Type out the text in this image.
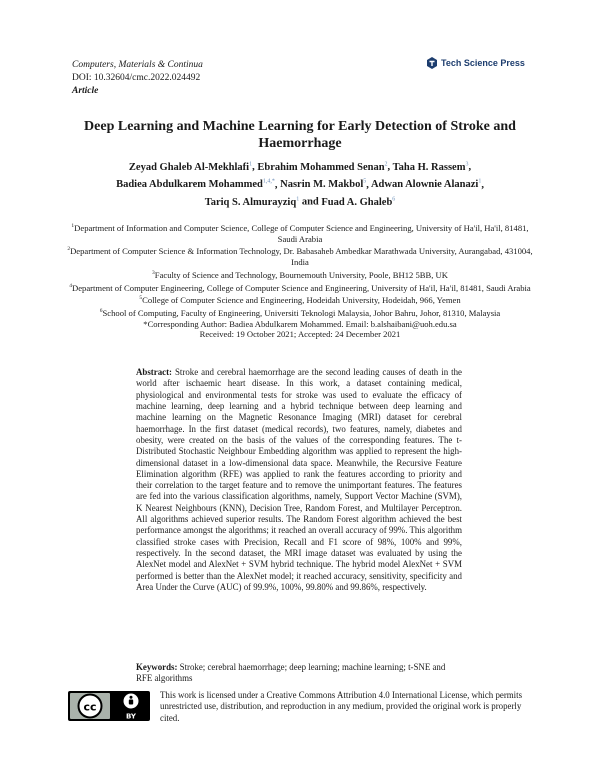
Computers, Materials & Continua
DOI: 10.32604/cmc.2022.024492
Article
Tech Science Press
Deep Learning and Machine Learning for Early Detection of Stroke and Haemorrhage
Zeyad Ghaleb Al-Mekhlafi$^1$, Ebrahim Mohammed Senan$^2$, Taha H. Rassem$^3$,
Badiea Abdulkarem Mohammed$^{1,4,*}$, Nasrin M. Makbol$^5$, Adwan Alownie Alanazi$^1$,
Tariq S. Almurayziq$^1$ and Fuad A. Ghaleb$^6$

$^1$Department of Information and Computer Science, College of Computer Science and Engineering, University of Ha'il, Ha'il, 81481, Saudi Arabia

$^2$Department of Computer Science & Information Technology, Dr. Babasaheb Ambedkar Marathwada University, Aurangabad, 431004, India

$^3$Faculty of Science and Technology, Bournemouth University, Poole, BH12 5BB, UK

$^4$Department of Computer Engineering, College of Computer Science and Engineering, University of Ha'il, Ha'il, 81481, Saudi Arabia

$^5$College of Computer Science and Engineering, Hodeidah University, Hodeidah, 966, Yemen

$^6$School of Computing, Faculty of Engineering, Universiti Teknologi Malaysia, Johor Bahru, Johor, 81310, Malaysia

*Corresponding Author: Badiea Abdulkarem Mohammed. Email: b.alshaibani@uoh.edu.sa

Received: 19 October 2021; Accepted: 24 December 2021

Abstract: Stroke and cerebral haemorrhage are the second leading causes of death in the world after ischaemic heart disease. In this work, a dataset containing medical, physiological and environmental tests for stroke was used to evaluate the efficacy of machine learning, deep learning and a hybrid technique between deep learning and machine learning on the Magnetic Resonance Imaging (MRI) dataset for cerebral haemorrhage. In the first dataset (medical records), two features, namely, diabetes and obesity, were created on the basis of the values of the corresponding features. The t-Distributed Stochastic Neighbour Embedding algorithm was applied to represent the high-dimensional dataset in a low-dimensional data space. Meanwhile, the Recursive Feature Elimination algorithm (RFE) was applied to rank the features according to priority and their correlation to the target feature and to remove the unimportant features. The features are fed into the various classification algorithms, namely, Support Vector Machine (SVM), K Nearest Neighbours (KNN), Decision Tree, Random Forest, and Multilayer Perceptron. All algorithms achieved superior results. The Random Forest algorithm achieved the best performance amongst the algorithms; it reached an overall accuracy of 99%. This algorithm classified stroke cases with Precision, Recall and F1 score of 98%, 100% and 99%, respectively. In the second dataset, the MRI image dataset was evaluated by using the AlexNet model and AlexNet + SVM hybrid technique. The hybrid model AlexNet + SVM performed is better than the AlexNet model; it reached accuracy, sensitivity, specificity and Area Under the Curve (AUC) of 99.9%, 100%, 99.80% and 99.86%, respectively.
Keywords: Stroke; cerebral haemorrhage; deep learning; machine learning; t-SNE and RFE algorithms
cc
BY
This work is licensed under a Creative Commons Attribution 4.0 International License, which permits unrestricted use, distribution, and reproduction in any medium, provided the original work is properly cited.
